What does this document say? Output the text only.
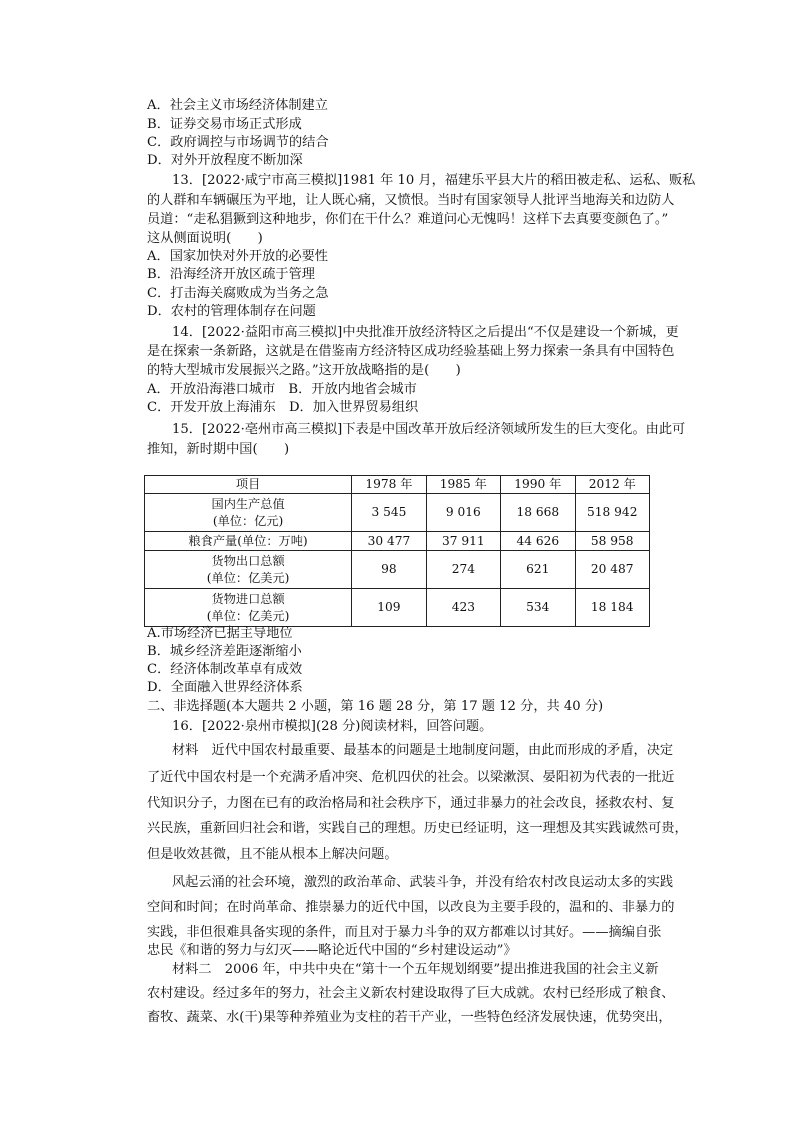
A．社会主义市场经济体制建立
B．证券交易市场正式形成
C．政府调控与市场调节的结合
D．对外开放程度不断加深
13．[2022·咸宁市高三模拟]1981 年 10 月，福建乐平县大片的稻田被走私、运私、贩私
的人群和车辆碾压为平地，让人既心痛，又愤恨。当时有国家领导人批评当地海关和边防人
员道：“走私猖獗到这种地步，你们在干什么？难道问心无愧吗！这样下去真要变颜色了。”
这从侧面说明(　　)
A．国家加快对外开放的必要性
B．沿海经济开放区疏于管理
C．打击海关腐败成为当务之急
D．农村的管理体制存在问题
14．[2022·益阳市高三模拟]中央批准开放经济特区之后提出“不仅是建设一个新城，更
是在探索一条新路，这就是在借鉴南方经济特区成功经验基础上努力探索一条具有中国特色
的特大型城市发展振兴之路。”这开放战略指的是(　　)
A．开放沿海港口城市　B．开放内地省会城市
C．开发开放上海浦东　D．加入世界贸易组织
15．[2022·亳州市高三模拟]下表是中国改革开放后经济领域所发生的巨大变化。由此可
推知，新时期中国(　　)
项目	1978 年	1985 年	1990 年	2012 年

国内生产总值
(单位：亿元)	3 545	9 016	18 668	518 942

粮食产量(单位：万吨)	30 477	37 911	44 626	58 958

货物出口总额
(单位：亿美元)	98	274	621	20 487

货物进口总额
(单位：亿美元)	109	423	534	18 184
A.市场经济已据主导地位
B．城乡经济差距逐渐缩小
C．经济体制改革卓有成效
D．全面融入世界经济体系
二、非选择题(本大题共 2 小题，第 16 题 28 分，第 17 题 12 分，共 40 分)
16．[2022·泉州市模拟](28 分)阅读材料，回答问题。
材料　近代中国农村最重要、最基本的问题是土地制度问题，由此而形成的矛盾，决定
了近代中国农村是一个充满矛盾冲突、危机四伏的社会。以梁漱溟、晏阳初为代表的一批近
代知识分子，力图在已有的政治格局和社会秩序下，通过非暴力的社会改良，拯救农村、复
兴民族，重新回归社会和谐，实践自己的理想。历史已经证明，这一理想及其实践诚然可贵，
但是收效甚微，且不能从根本上解决问题。
风起云涌的社会环境，激烈的政治革命、武装斗争，并没有给农村改良运动太多的实践
空间和时间；在时尚革命、推崇暴力的近代中国，以改良为主要手段的，温和的、非暴力的
实践，非但很难具备实现的条件，而且对于暴力斗争的双方都难以讨其好。——摘编自张
忠民《和谐的努力与幻灭——略论近代中国的“乡村建设运动”》
材料二　2006 年，中共中央在“第十一个五年规划纲要”提出推进我国的社会主义新
农村建设。经过多年的努力，社会主义新农村建设取得了巨大成就。农村已经形成了粮食、
畜牧、蔬菜、水(干)果等种养殖业为支柱的若干产业，一些特色经济发展快速，优势突出，
